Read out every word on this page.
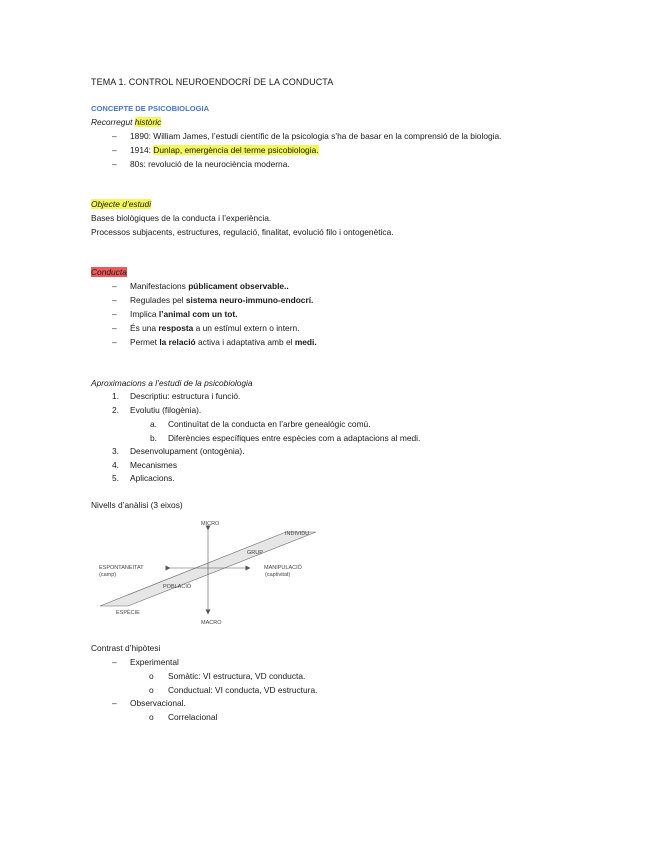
TEMA 1. CONTROL NEUROENDOCRÍ DE LA CONDUCTA
CONCEPTE DE PSICOBIOLOGIA
Recorregut històric
– 1890: William James, l’estudi científic de la psicologia s’ha de basar en la comprensió de la biologia.
– 1914: Dunlap, emergència del terme psicobiologia.
– 80s: revolució de la neurociència moderna.
Objecte d’estudi
Bases biològiques de la conducta i l’experiència.
Processos subjacents, estructures, regulació, finalitat, evolució filo i ontogenètica.
Conducta
– Manifestacions públicament observable..
– Regulades pel sistema neuro-immuno-endocrí.
– Implica l’animal com un tot.
– És una resposta a un estímul extern o intern.
– Permet la relació activa i adaptativa amb el medi.
Aproximacions a l’estudi de la psicobiologia
1. Descriptiu: estructura i funció.
2. Evolutiu (filogènia).
a. Continuïtat de la conducta en l’arbre genealògic comú.
b. Diferències específiques entre espècies com a adaptacions al medi.
3. Desenvolupament (ontogènia).
4. Mecanismes
5. Aplicacions.
Nivells d’anàlisi (3 eixos)
MICRO
MACRO
INDIVIDU
GRUP
POBLACIÓ
ESPÈCIE
ESPONTANEITAT
(camp)
MANIPULACIÓ
(captivitat)
Contrast d’hipòtesi
– Experimental
o Somàtic: VI estructura, VD conducta.
o Conductual: VI conducta, VD estructura.
– Observacional.
o Correlacional
